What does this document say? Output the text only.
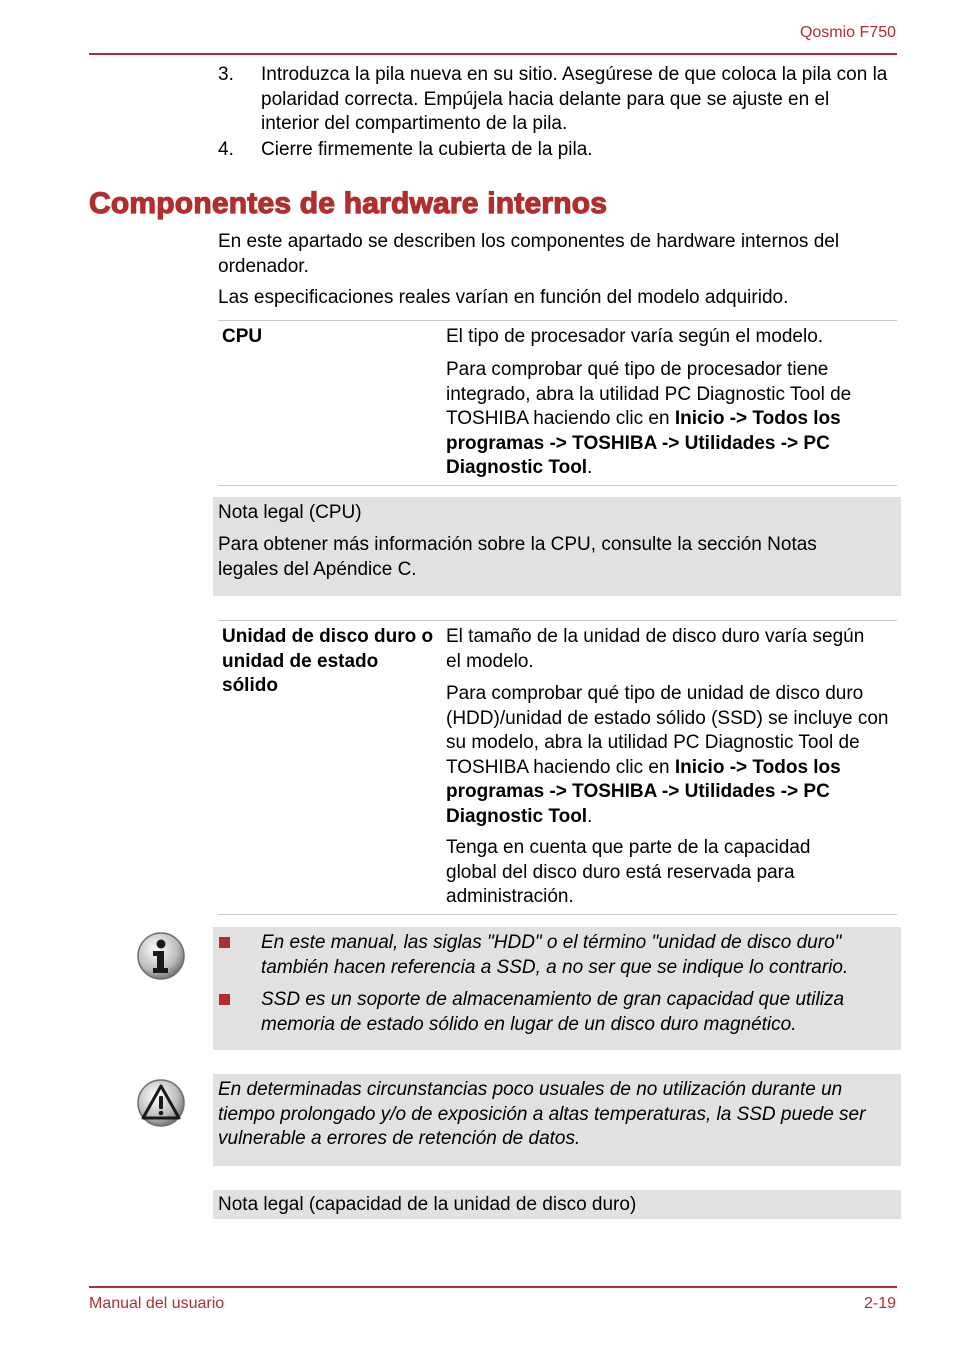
Qosmio F750
3. Introduzca la pila nueva en su sitio. Asegúrese de que coloca la pila con la polaridad correcta. Empújela hacia delante para que se ajuste en el interior del compartimento de la pila.

4. Cierre firmemente la cubierta de la pila.

Componentes de hardware internos

En este apartado se describen los componentes de hardware internos del ordenador.

Las especificaciones reales varían en función del modelo adquirido.

CPU	El tipo de procesador varía según el modelo.

Para comprobar qué tipo de procesador tiene integrado, abra la utilidad PC Diagnostic Tool de TOSHIBA haciendo clic en Inicio -> Todos los programas -> TOSHIBA -> Utilidades -> PC Diagnostic Tool.

Nota legal (CPU)

Para obtener más información sobre la CPU, consulte la sección Notas legales del Apéndice C.

Unidad de disco duro o unidad de estado sólido

El tamaño de la unidad de disco duro varía según el modelo.

Para comprobar qué tipo de unidad de disco duro (HDD)/unidad de estado sólido (SSD) se incluye con su modelo, abra la utilidad PC Diagnostic Tool de TOSHIBA haciendo clic en Inicio -> Todos los programas -> TOSHIBA -> Utilidades -> PC Diagnostic Tool.

Tenga en cuenta que parte de la capacidad global del disco duro está reservada para administración.

En este manual, las siglas "HDD" o el término "unidad de disco duro" también hacen referencia a SSD, a no ser que se indique lo contrario.

SSD es un soporte de almacenamiento de gran capacidad que utiliza memoria de estado sólido en lugar de un disco duro magnético.

En determinadas circunstancias poco usuales de no utilización durante un tiempo prolongado y/o de exposición a altas temperaturas, la SSD puede ser vulnerable a errores de retención de datos.

Nota legal (capacidad de la unidad de disco duro)
Manual del usuario	2-19
